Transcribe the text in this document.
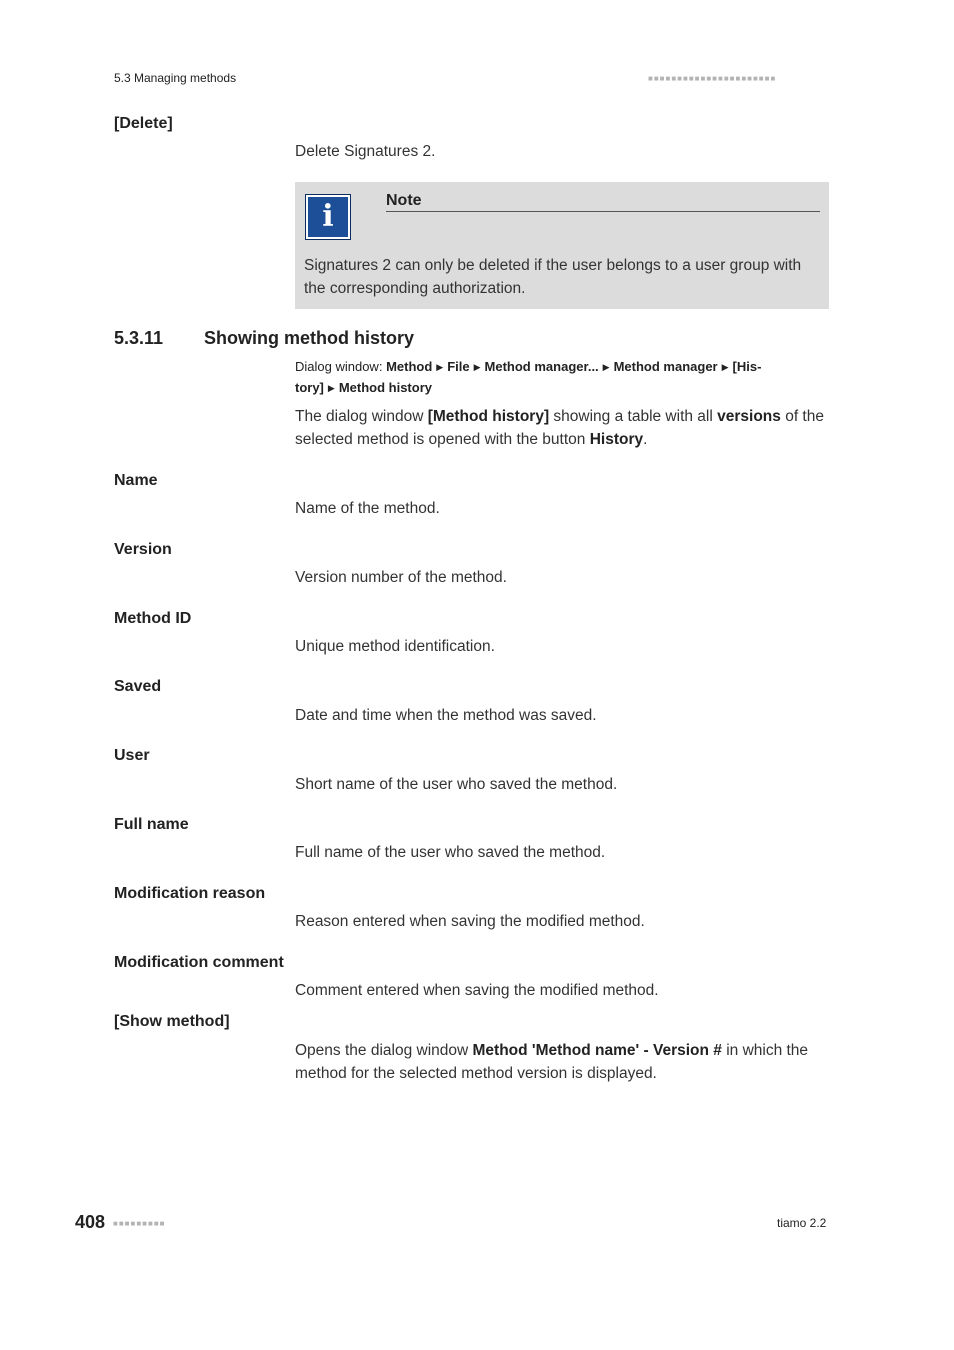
5.3 Managing methods	■■■■■■■■■■■■■■■■■■■■■■
[Delete]
Delete Signatures 2.
i	Note
Signatures 2 can only be deleted if the user belongs to a user group with the corresponding authorization.
5.3.11 Showing method history
Dialog window: Method ▶ File ▶ Method manager... ▶ Method manager ▶ [His-
tory] ▶ Method history
The dialog window [Method history] showing a table with all versions of the selected method is opened with the button History.
Name
Name of the method.
Version
Version number of the method.
Method ID
Unique method identification.
Saved
Date and time when the method was saved.
User
Short name of the user who saved the method.
Full name
Full name of the user who saved the method.
Modification reason
Reason entered when saving the modified method.
Modification comment
Comment entered when saving the modified method.
[Show method]
Opens the dialog window Method 'Method name' - Version # in which the method for the selected method version is displayed.
408 ■■■■■■■■■	tiamo 2.2
